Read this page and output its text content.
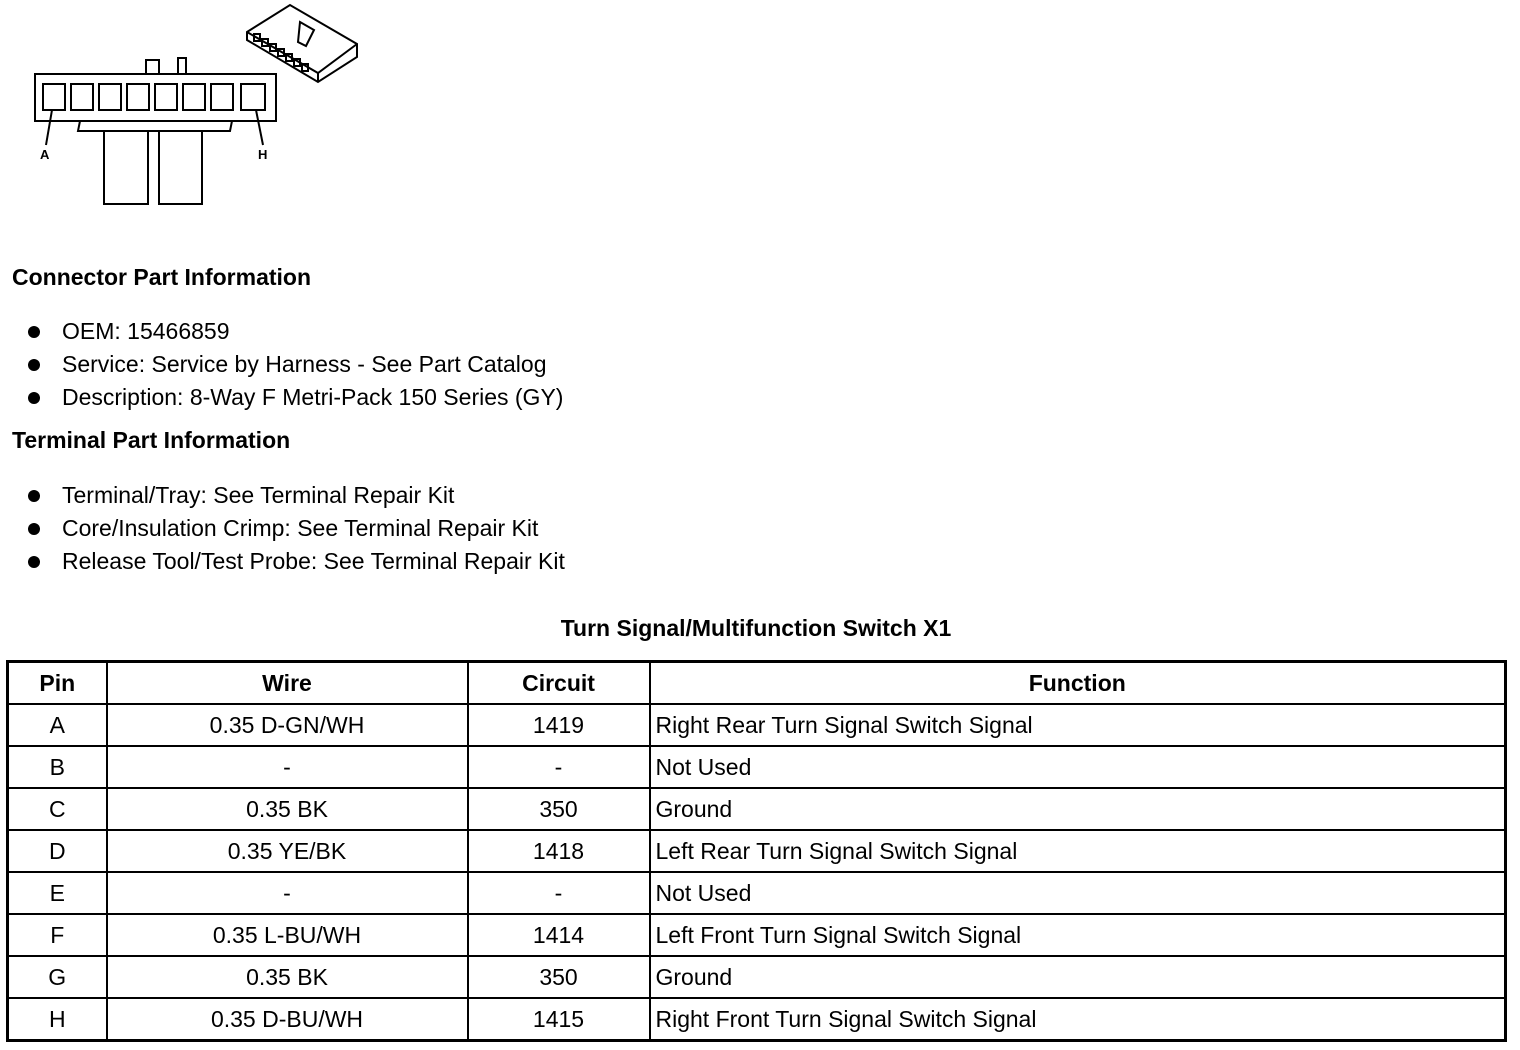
A	H
Connector Part Information
OEM: 15466859
Service: Service by Harness - See Part Catalog
Description: 8-Way F Metri-Pack 150 Series (GY)
Terminal Part Information
Terminal/Tray: See Terminal Repair Kit
Core/Insulation Crimp: See Terminal Repair Kit
Release Tool/Test Probe: See Terminal Repair Kit
Turn Signal/Multifunction Switch X1
Pin	Wire	Circuit	Function
A	0.35 D-GN/WH	1419	Right Rear Turn Signal Switch Signal
B	-	-	Not Used
C	0.35 BK	350	Ground
D	0.35 YE/BK	1418	Left Rear Turn Signal Switch Signal
E	-	-	Not Used
F	0.35 L-BU/WH	1414	Left Front Turn Signal Switch Signal
G	0.35 BK	350	Ground
H	0.35 D-BU/WH	1415	Right Front Turn Signal Switch Signal
